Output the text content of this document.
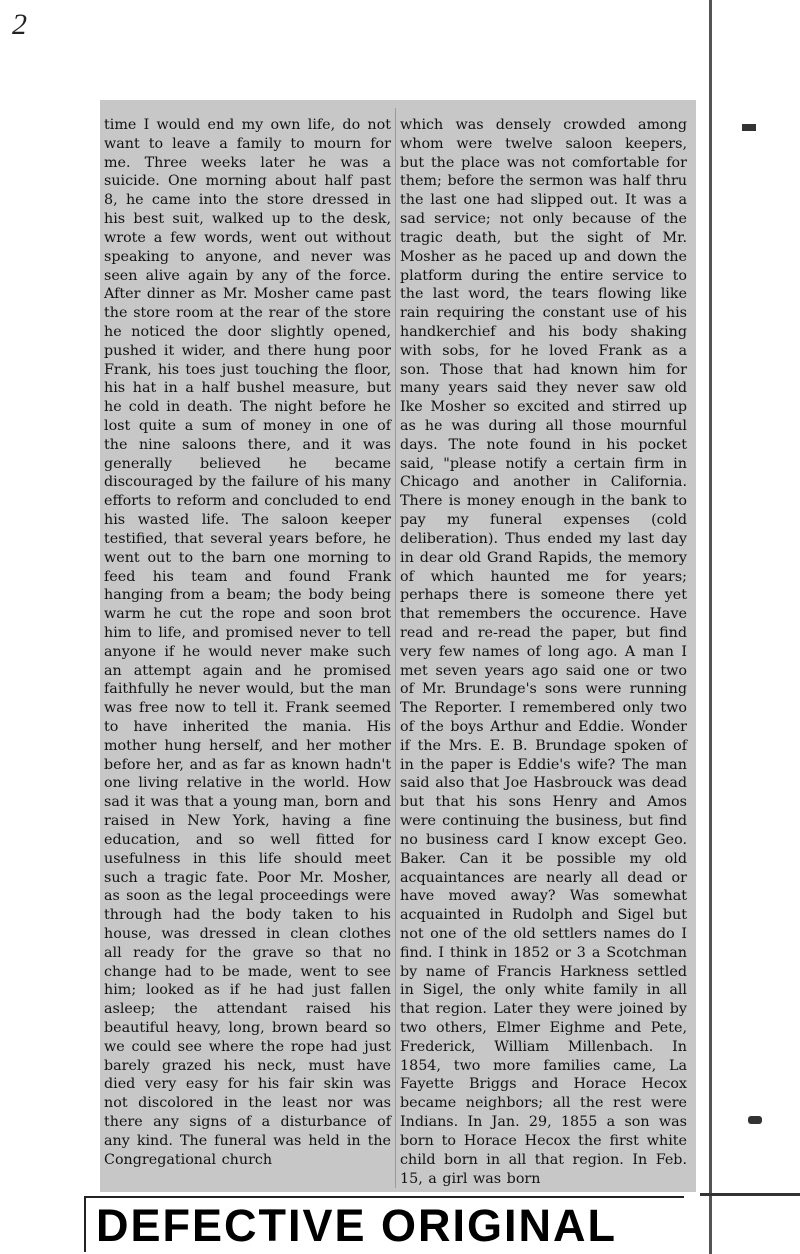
2

time I would end my own life, do not want to leave a family to mourn for me. Three weeks later he was a suicide. One morning about half past 8, he came into the store dressed in his best suit, walked up to the desk, wrote a few words, went out without speaking to anyone, and never was seen alive again by any of the force. After dinner as Mr. Mosher came past the store room at the rear of the store he noticed the door slightly opened, pushed it wider, and there hung poor Frank, his toes just touching the floor, his hat in a half bushel measure, but he cold in death. The night before he lost quite a sum of money in one of the nine saloons there, and it was generally believed he became discouraged by the failure of his many efforts to reform and concluded to end his wasted life. The saloon keeper testified, that several years before, he went out to the barn one morning to feed his team and found Frank hanging from a beam; the body being warm he cut the rope and soon brot him to life, and promised never to tell anyone if he would never make such an attempt again and he promised faithfully he never would, but the man was free now to tell it. Frank seemed to have inherited the mania. His mother hung herself, and her mother before her, and as far as known hadn't one living relative in the world. How sad it was that a young man, born and raised in New York, having a fine education, and so well fitted for usefulness in this life should meet such a tragic fate. Poor Mr. Mosher, as soon as the legal proceedings were through had the body taken to his house, was dressed in clean clothes all ready for the grave so that no change had to be made, went to see him; looked as if he had just fallen asleep; the attendant raised his beautiful heavy, long, brown beard so we could see where the rope had just barely grazed his neck, must have died very easy for his fair skin was not discolored in the least nor was there any signs of a disturbance of any kind. The funeral was held in the Congregational church

which was densely crowded among whom were twelve saloon keepers, but the place was not comfortable for them; before the sermon was half thru the last one had slipped out. It was a sad service; not only because of the tragic death, but the sight of Mr. Mosher as he paced up and down the platform during the entire service to the last word, the tears flowing like rain requiring the constant use of his handkerchief and his body shaking with sobs, for he loved Frank as a son. Those that had known him for many years said they never saw old Ike Mosher so excited and stirred up as he was during all those mournful days. The note found in his pocket said, "please notify a certain firm in Chicago and another in California. There is money enough in the bank to pay my funeral expenses (cold deliberation). Thus ended my last day in dear old Grand Rapids, the memory of which haunted me for years; perhaps there is someone there yet that remembers the occurence. Have read and re-read the paper, but find very few names of long ago. A man I met seven years ago said one or two of Mr. Brundage's sons were running The Reporter. I remembered only two of the boys Arthur and Eddie. Wonder if the Mrs. E. B. Brundage spoken of in the paper is Eddie's wife? The man said also that Joe Hasbrouck was dead but that his sons Henry and Amos were continuing the business, but find no business card I know except Geo. Baker. Can it be possible my old acquaintances are nearly all dead or have moved away? Was somewhat acquainted in Rudolph and Sigel but not one of the old settlers names do I find. I think in 1852 or 3 a Scotchman by name of Francis Harkness settled in Sigel, the only white family in all that region. Later they were joined by two others, Elmer Eighme and Pete, Frederick, William Millenbach. In 1854, two more families came, La Fayette Briggs and Horace Hecox became neighbors; all the rest were Indians. In Jan. 29, 1855 a son was born to Horace Hecox the first white child born in all that region. In Feb. 15, a girl was born

DEFECTIVE ORIGINAL
